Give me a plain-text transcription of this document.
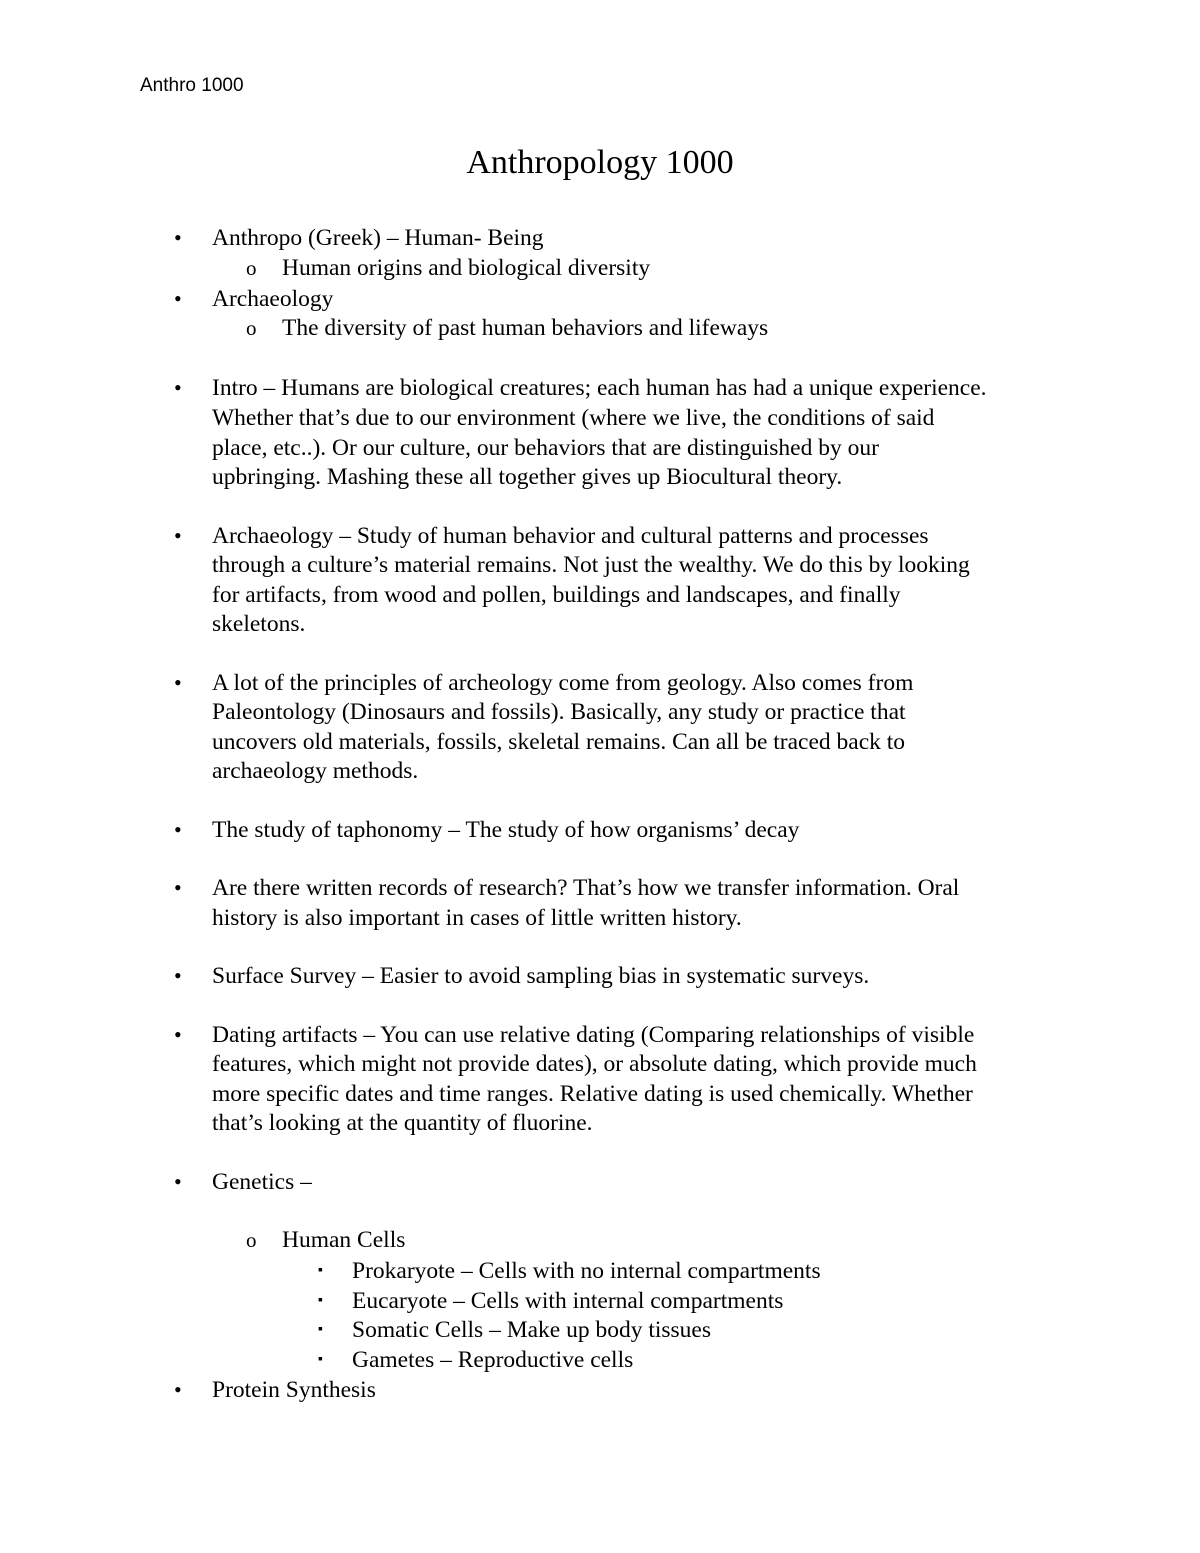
Anthro 1000
Anthropology 1000
• Anthropo (Greek) – Human- Being
o Human origins and biological diversity
• Archaeology
o The diversity of past human behaviors and lifeways
• Intro – Humans are biological creatures; each human has had a unique experience.
Whether that’s due to our environment (where we live, the conditions of said
place, etc..). Or our culture, our behaviors that are distinguished by our
upbringing. Mashing these all together gives up Biocultural theory.
• Archaeology – Study of human behavior and cultural patterns and processes
through a culture’s material remains. Not just the wealthy. We do this by looking
for artifacts, from wood and pollen, buildings and landscapes, and finally
skeletons.
• A lot of the principles of archeology come from geology. Also comes from
Paleontology (Dinosaurs and fossils). Basically, any study or practice that
uncovers old materials, fossils, skeletal remains. Can all be traced back to
archaeology methods.
• The study of taphonomy – The study of how organisms’ decay
• Are there written records of research? That’s how we transfer information. Oral
history is also important in cases of little written history.
• Surface Survey – Easier to avoid sampling bias in systematic surveys.
• Dating artifacts – You can use relative dating (Comparing relationships of visible
features, which might not provide dates), or absolute dating, which provide much
more specific dates and time ranges. Relative dating is used chemically. Whether
that’s looking at the quantity of fluorine.
• Genetics –
o Human Cells
▪ Prokaryote – Cells with no internal compartments
▪ Eucaryote – Cells with internal compartments
▪ Somatic Cells – Make up body tissues
▪ Gametes – Reproductive cells
• Protein Synthesis
